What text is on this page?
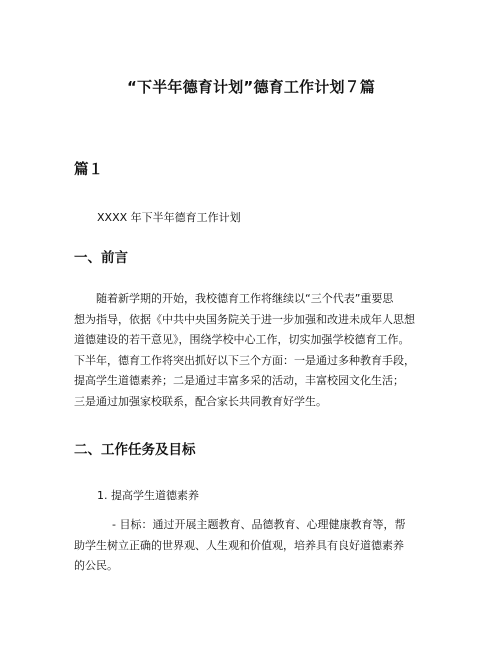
“下半年德育计划”德育工作计划７篇
篇１
XXXX 年下半年德育工作计划
一、前言
随着新学期的开始，我校德育工作将继续以“三个代表”重要思
想为指导，依据《中共中央国务院关于进一步加强和改进未成年人思想
道德建设的若干意见》，围绕学校中心工作，切实加强学校德育工作。
下半年，德育工作将突出抓好以下三个方面：一是通过多种教育手段，
提高学生道德素养；二是通过丰富多采的活动，丰富校园文化生活；
三是通过加强家校联系，配合家长共同教育好学生。
二、工作任务及目标
1. 提高学生道德素养
- 目标：通过开展主题教育、品德教育、心理健康教育等，帮
助学生树立正确的世界观、人生观和价值观，培养具有良好道德素养
的公民。
